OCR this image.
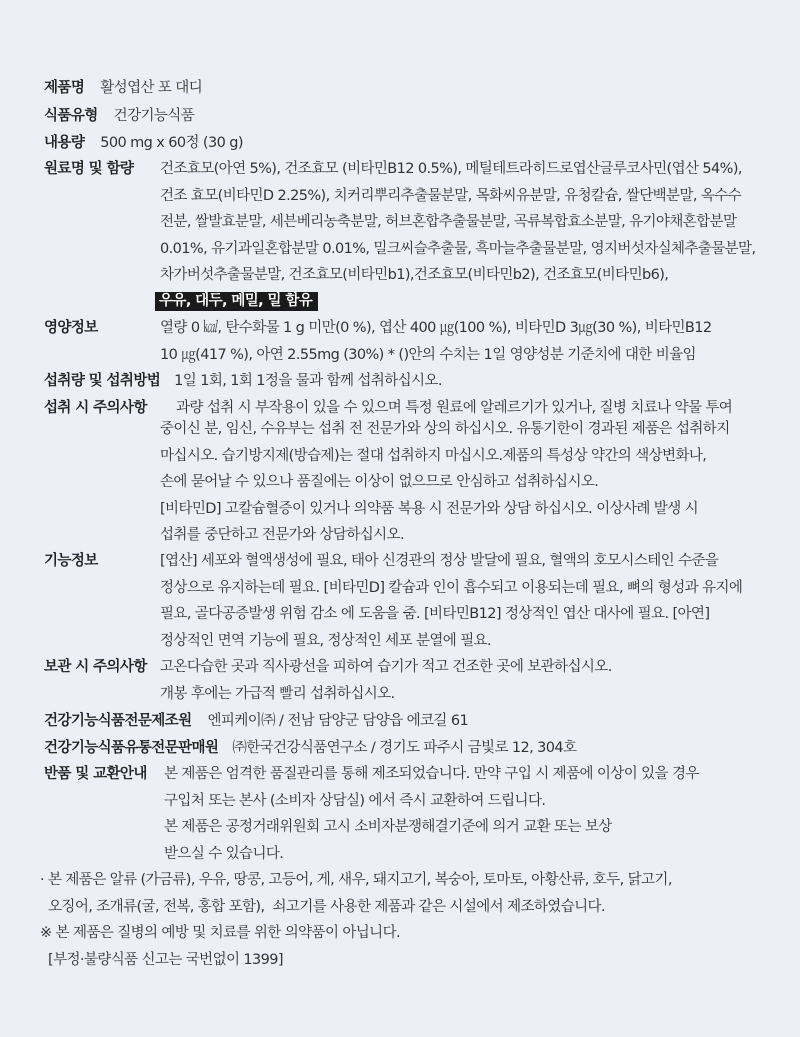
제품명 활성엽산 포 대디
식품유형 건강기능식품
내용량 500 mg x 60정 (30 g)
원료명 및 함량 건조효모(아연 5%), 건조효모 (비타민B12 0.5%), 메틸테트라히드로엽산글루코사민(엽산 54%),
건조 효모(비타민D 2.25%), 치커리뿌리추출물분말, 목화씨유분말, 유청칼슘, 쌀단백분말, 옥수수
전분, 쌀발효분말, 세븐베리농축분말, 허브혼합추출물분말, 곡류복합효소분말, 유기야채혼합분말
0.01%, 유기과일혼합분말 0.01%, 밀크씨슬추출물, 흑마늘추출물분말, 영지버섯자실체추출물분말,
차가버섯추출물분말, 건조효모(비타민b1),건조효모(비타민b2), 건조효모(비타민b6),
우유, 대두, 메밀, 밀 함유
영양정보	열량 0 ㎉, 탄수화물 1 g 미만(0 %), 엽산 400 ㎍(100 %), 비타민D 3㎍(30 %), 비타민B12
10 ㎍(417 %), 아연 2.55mg (30%) * ()안의 수치는 1일 영양성분 기준치에 대한 비율임
섭취량 및 섭취방법 1일 1회, 1회 1정을 물과 함께 섭취하십시오.
섭취 시 주의사항 과량 섭취 시 부작용이 있을 수 있으며 특정 원료에 알레르기가 있거나, 질병 치료나 약물 투여
중이신 분, 임신, 수유부는 섭취 전 전문가와 상의 하십시오. 유통기한이 경과된 제품은 섭취하지
마십시오. 습기방지제(방습제)는 절대 섭취하지 마십시오.제품의 특성상 약간의 색상변화나,
손에 묻어날 수 있으나 품질에는 이상이 없으므로 안심하고 섭취하십시오.
[비타민D] 고칼슘혈증이 있거나 의약품 복용 시 전문가와 상담 하십시오. 이상사례 발생 시
섭취를 중단하고 전문가와 상담하십시오.
기능정보	[엽산] 세포와 혈액생성에 필요, 태아 신경관의 정상 발달에 필요, 혈액의 호모시스테인 수준을
정상으로 유지하는데 필요. [비타민D] 칼슘과 인이 흡수되고 이용되는데 필요, 뼈의 형성과 유지에
필요, 골다공증발생 위험 감소 에 도움을 줌. [비타민B12] 정상적인 엽산 대사에 필요. [아연]
정상적인 면역 기능에 필요, 정상적인 세포 분열에 필요.
보관 시 주의사항 고온다습한 곳과 직사광선을 피하여 습기가 적고 건조한 곳에 보관하십시오.
개봉 후에는 가급적 빨리 섭취하십시오.
건강기능식품전문제조원 엔피케이㈜ / 전남 담양군 담양읍 에코길 61
건강기능식품유통전문판매원 ㈜한국건강식품연구소 / 경기도 파주시 금빛로 12, 304호
반품 및 교환안내 본 제품은 엄격한 품질관리를 통해 제조되었습니다. 만약 구입 시 제품에 이상이 있을 경우
구입처 또는 본사 (소비자 상담실) 에서 즉시 교환하여 드립니다.
본 제품은 공정거래위원회 고시 소비자분쟁해결기준에 의거 교환 또는 보상
받으실 수 있습니다.
· 본 제품은 알류 (가금류), 우유, 땅콩, 고등어, 게, 새우, 돼지고기, 복숭아, 토마토, 아황산류, 호두, 닭고기,
오징어, 조개류(굴, 전복, 홍합 포함),  쇠고기를 사용한 제품과 같은 시설에서 제조하였습니다.
※ 본 제품은 질병의 예방 및 치료를 위한 의약품이 아닙니다.
[부정·불량식품 신고는 국번없이 1399]
